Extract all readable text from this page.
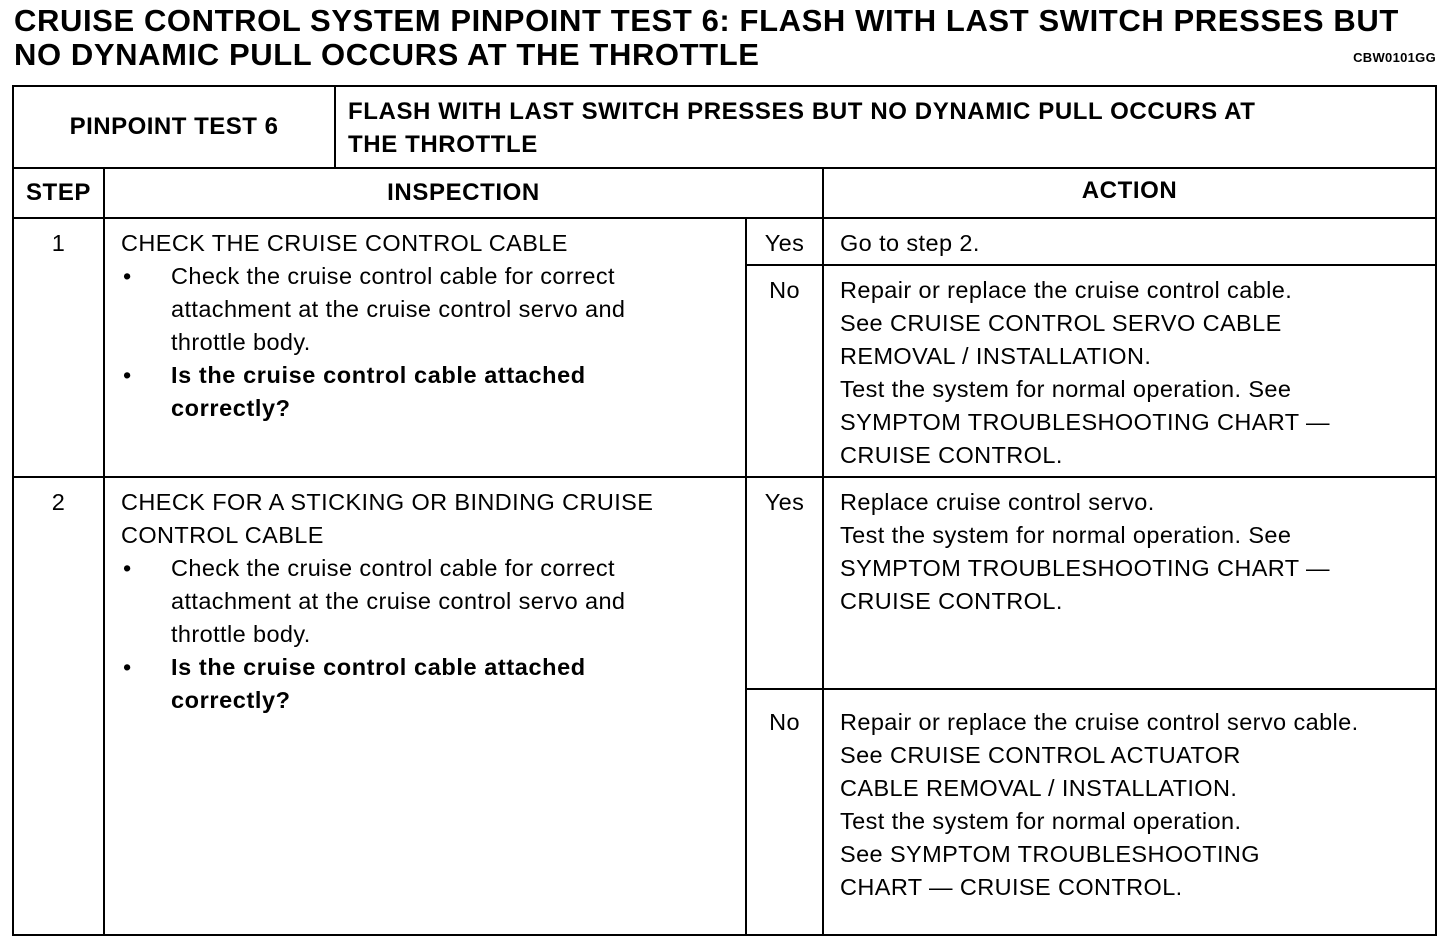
CRUISE CONTROL SYSTEM PINPOINT TEST 6: FLASH WITH LAST SWITCH PRESSES BUT
NO DYNAMIC PULL OCCURS AT THE THROTTLE	CBW0101GG
PINPOINT TEST 6
FLASH WITH LAST SWITCH PRESSES BUT NO DYNAMIC PULL OCCURS AT
THE THROTTLE
STEP	INSPECTION	ACTION
1	CHECK THE CRUISE CONTROL CABLE
• Check the cruise control cable for correct
attachment at the cruise control servo and
throttle body.
• Is the cruise control cable attached
correctly?
Yes	Go to step 2.
No	Repair or replace the cruise control cable.
See CRUISE CONTROL SERVO CABLE
REMOVAL / INSTALLATION.
Test the system for normal operation. See
SYMPTOM TROUBLESHOOTING CHART —
CRUISE CONTROL.
2	CHECK FOR A STICKING OR BINDING CRUISE
CONTROL CABLE
• Check the cruise control cable for correct
attachment at the cruise control servo and
throttle body.
• Is the cruise control cable attached
correctly?
Yes	Replace cruise control servo.
Test the system for normal operation. See
SYMPTOM TROUBLESHOOTING CHART —
CRUISE CONTROL.
No	Repair or replace the cruise control servo cable.
See CRUISE CONTROL ACTUATOR
CABLE REMOVAL / INSTALLATION.
Test the system for normal operation.
See SYMPTOM TROUBLESHOOTING
CHART — CRUISE CONTROL.
